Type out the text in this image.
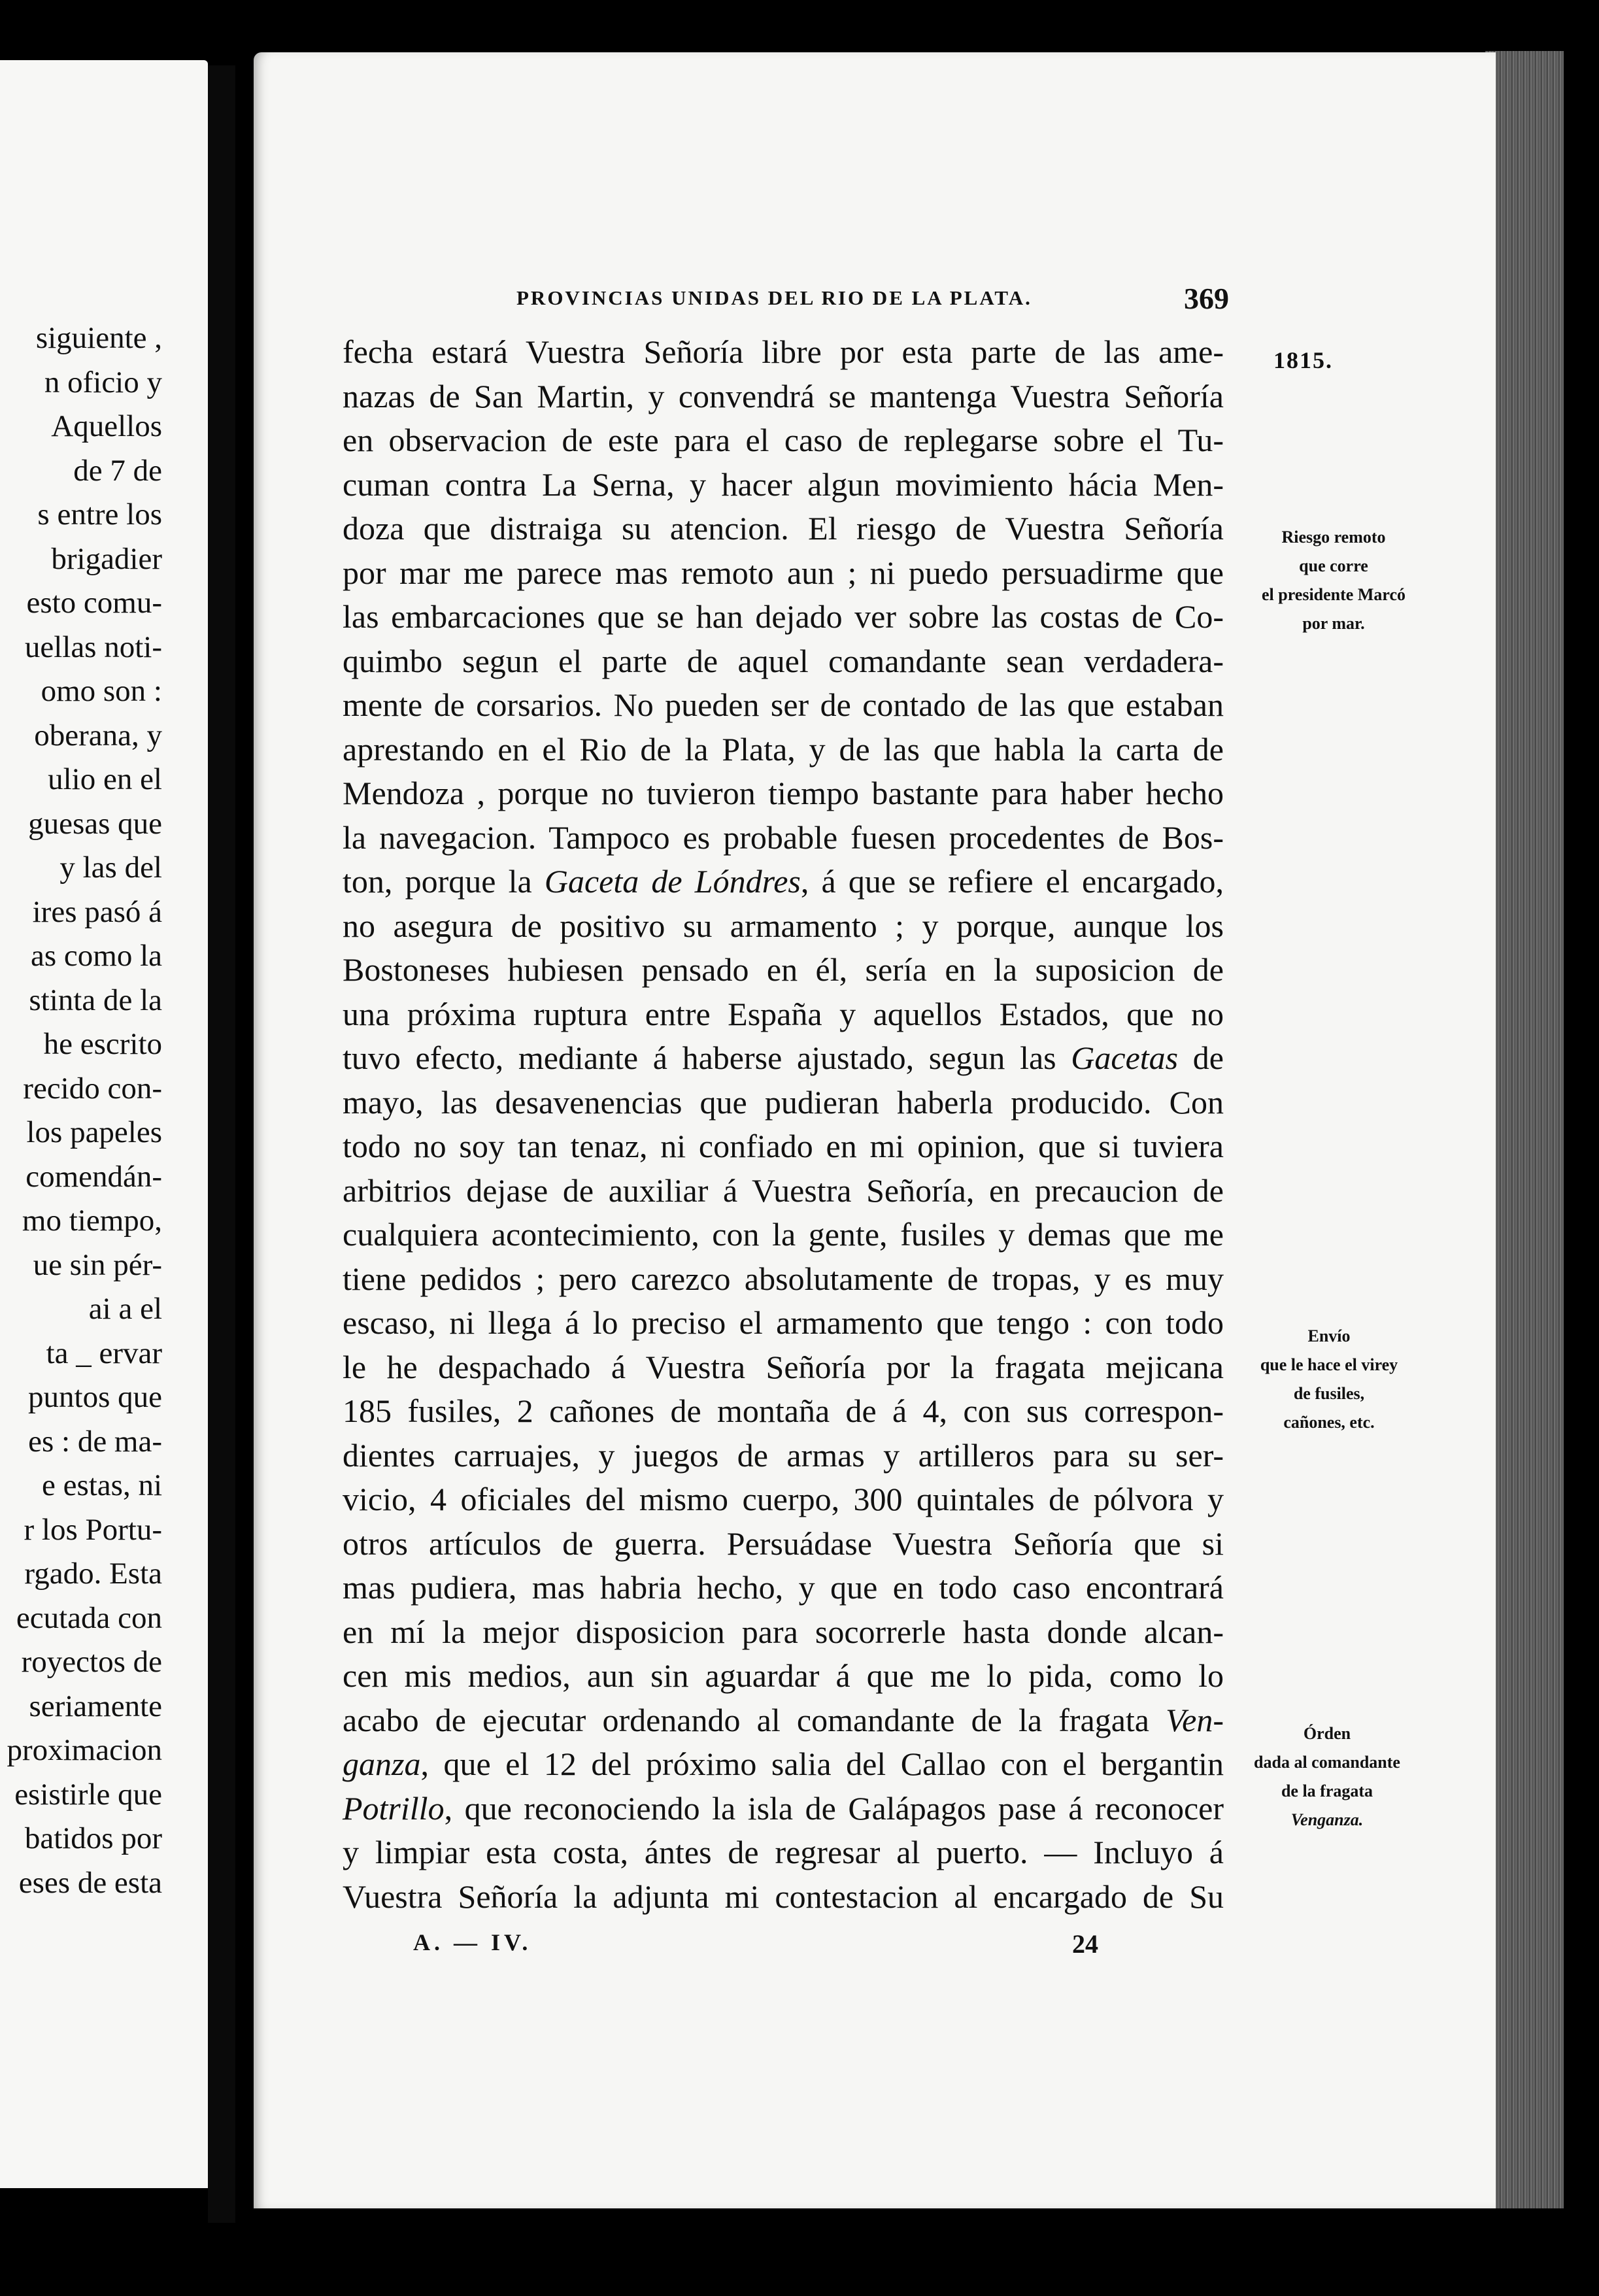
siguiente ,
n oficio y
Aquellos
de 7 de
s entre los
brigadier
esto comu-
uellas noti-
omo son :
oberana, y
ulio en el
guesas que
y las del
ires pasó á
as como la
stinta de la
he escrito
recido con-
los papeles
comendán-
mo tiempo,
ue sin pér-
ai a el
ta _ ervar
puntos que
es : de ma-
e estas, ni
r los Portu-
rgado. Esta
ecutada con
royectos de
seriamente
proximacion
esistirle que
batidos por
eses de esta
PROVINCIAS UNIDAS DEL RIO DE LA PLATA.	369
1815.
fecha estará Vuestra Señoría libre por esta parte de las ame-
nazas de San Martin, y convendrá se mantenga Vuestra Señoría
en observacion de este para el caso de replegarse sobre el Tu-
cuman contra La Serna, y hacer algun movimiento hácia Men-
doza que distraiga su atencion. El riesgo de Vuestra Señoría
por mar me parece mas remoto aun ; ni puedo persuadirme que
las embarcaciones que se han dejado ver sobre las costas de Co-
quimbo segun el parte de aquel comandante sean verdadera-
mente de corsarios. No pueden ser de contado de las que estaban
aprestando en el Rio de la Plata, y de las que habla la carta de
Mendoza , porque no tuvieron tiempo bastante para haber hecho
la navegacion. Tampoco es probable fuesen procedentes de Bos-
ton, porque la Gaceta de Lóndres, á que se refiere el encargado,
no asegura de positivo su armamento ; y porque, aunque los
Bostoneses hubiesen pensado en él, sería en la suposicion de
una próxima ruptura entre España y aquellos Estados, que no
tuvo efecto, mediante á haberse ajustado, segun las Gacetas de
mayo, las desavenencias que pudieran haberla producido. Con
todo no soy tan tenaz, ni confiado en mi opinion, que si tuviera
arbitrios dejase de auxiliar á Vuestra Señoría, en precaucion de
cualquiera acontecimiento, con la gente, fusiles y demas que me
tiene pedidos ; pero carezco absolutamente de tropas, y es muy
escaso, ni llega á lo preciso el armamento que tengo : con todo
le he despachado á Vuestra Señoría por la fragata mejicana
185 fusiles, 2 cañones de montaña de á 4, con sus correspon-
dientes carruajes, y juegos de armas y artilleros para su ser-
vicio, 4 oficiales del mismo cuerpo, 300 quintales de pólvora y
otros artículos de guerra. Persuádase Vuestra Señoría que si
mas pudiera, mas habria hecho, y que en todo caso encontrará
en mí la mejor disposicion para socorrerle hasta donde alcan-
cen mis medios, aun sin aguardar á que me lo pida, como lo
acabo de ejecutar ordenando al comandante de la fragata Ven-
ganza, que el 12 del próximo salia del Callao con el bergantin
Potrillo, que reconociendo la isla de Galápagos pase á reconocer
y limpiar esta costa, ántes de regresar al puerto. — Incluyo á
Vuestra Señoría la adjunta mi contestacion al encargado de Su
Riesgo remoto
que corre
el presidente Marcó
por mar.
Envío
que le hace el virey
de fusiles,
cañones, etc.
Órden
dada al comandante
de la fragata
Venganza.
A. — IV.	24
